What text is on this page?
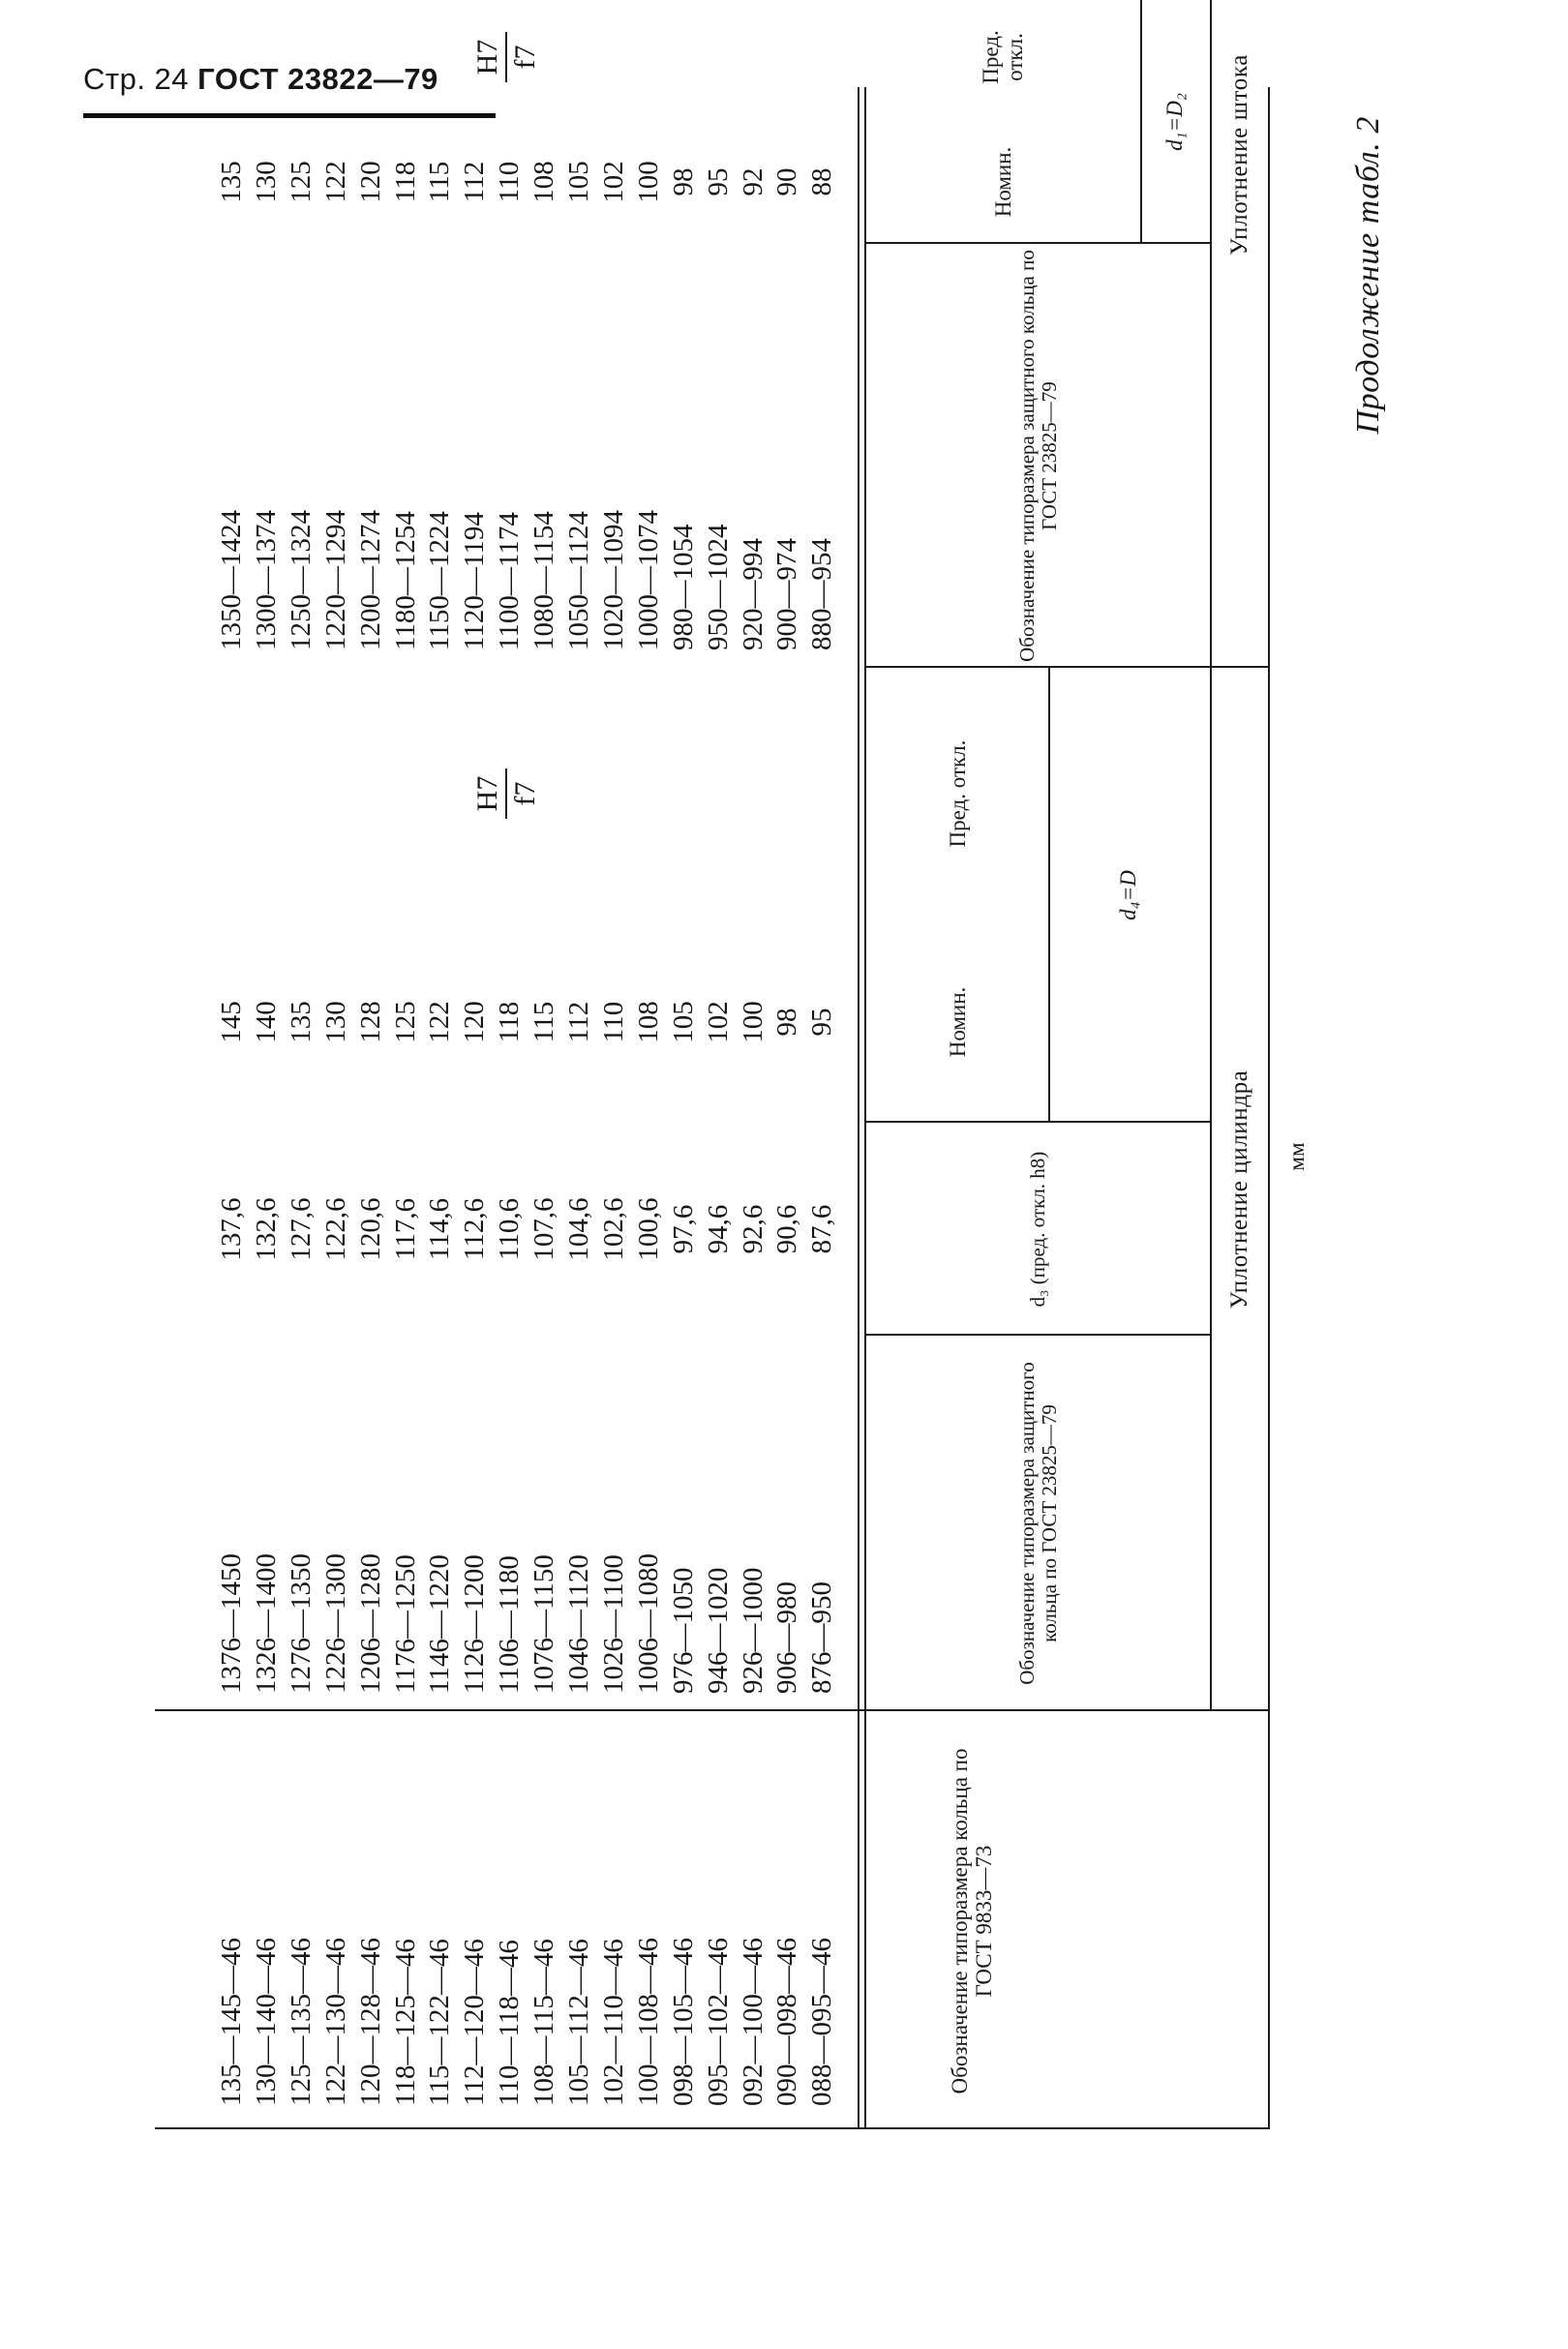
Стр. 24 ГОСТ 23822—79
Продолжение табл. 2
мм
Обозначение типоразмера кольца по ГОСТ 9833—73
Уплотнение цилиндра
Обозначение типоразмера защитного кольца по ГОСТ 23825—79
d₃ (пред. откл. h8)
d₄=D
Номин.
Пред. откл.
Уплотнение штока
Обозначение типоразмера защитного кольца по ГОСТ 23825—79
d₁=D₂
Номин.
Пред. откл.
H7 f7
H7 f7
088—095—46
876—950
87,6
95
880—954
88
090—098—46
906—980
90,6
98
900—974
90
092—100—46
926—1000
92,6
100
920—994
92
095—102—46
946—1020
94,6
102
950—1024
95
098—105—46
976—1050
97,6
105
980—1054
98
100—108—46
1006—1080
100,6
108
1000—1074
100
102—110—46
1026—1100
102,6
110
1020—1094
102
105—112—46
1046—1120
104,6
112
1050—1124
105
108—115—46
1076—1150
107,6
115
1080—1154
108
110—118—46
1106—1180
110,6
118
1100—1174
110
112—120—46
1126—1200
112,6
120
1120—1194
112
115—122—46
1146—1220
114,6
122
1150—1224
115
118—125—46
1176—1250
117,6
125
1180—1254
118
120—128—46
1206—1280
120,6
128
1200—1274
120
122—130—46
1226—1300
122,6
130
1220—1294
122
125—135—46
1276—1350
127,6
135
1250—1324
125
130—140—46
1326—1400
132,6
140
1300—1374
130
135—145—46
1376—1450
137,6
145
1350—1424
135
